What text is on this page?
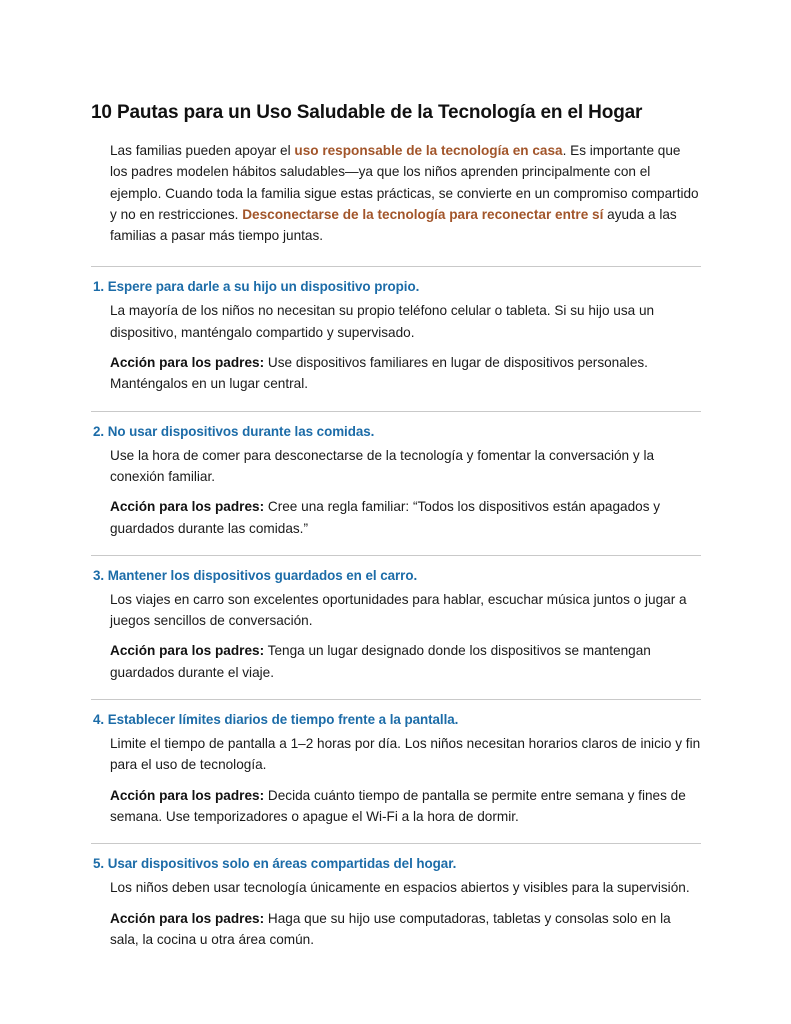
10 Pautas para un Uso Saludable de la Tecnología en el Hogar

Las familias pueden apoyar el uso responsable de la tecnología en casa. Es importante que los padres modelen hábitos saludables—ya que los niños aprenden principalmente con el ejemplo. Cuando toda la familia sigue estas prácticas, se convierte en un compromiso compartido y no en restricciones. Desconectarse de la tecnología para reconectar entre sí ayuda a las familias a pasar más tiempo juntas.

1. Espere para darle a su hijo un dispositivo propio.

La mayoría de los niños no necesitan su propio teléfono celular o tableta. Si su hijo usa un dispositivo, manténgalo compartido y supervisado.

Acción para los padres: Use dispositivos familiares en lugar de dispositivos personales. Manténgalos en un lugar central.

2. No usar dispositivos durante las comidas.

Use la hora de comer para desconectarse de la tecnología y fomentar la conversación y la conexión familiar.

Acción para los padres: Cree una regla familiar: “Todos los dispositivos están apagados y guardados durante las comidas.”

3. Mantener los dispositivos guardados en el carro.

Los viajes en carro son excelentes oportunidades para hablar, escuchar música juntos o jugar a juegos sencillos de conversación.

Acción para los padres: Tenga un lugar designado donde los dispositivos se mantengan guardados durante el viaje.

4. Establecer límites diarios de tiempo frente a la pantalla.

Limite el tiempo de pantalla a 1–2 horas por día. Los niños necesitan horarios claros de inicio y fin para el uso de tecnología.

Acción para los padres: Decida cuánto tiempo de pantalla se permite entre semana y fines de semana. Use temporizadores o apague el Wi-Fi a la hora de dormir.

5. Usar dispositivos solo en áreas compartidas del hogar.

Los niños deben usar tecnología únicamente en espacios abiertos y visibles para la supervisión.

Acción para los padres: Haga que su hijo use computadoras, tabletas y consolas solo en la sala, la cocina u otra área común.
